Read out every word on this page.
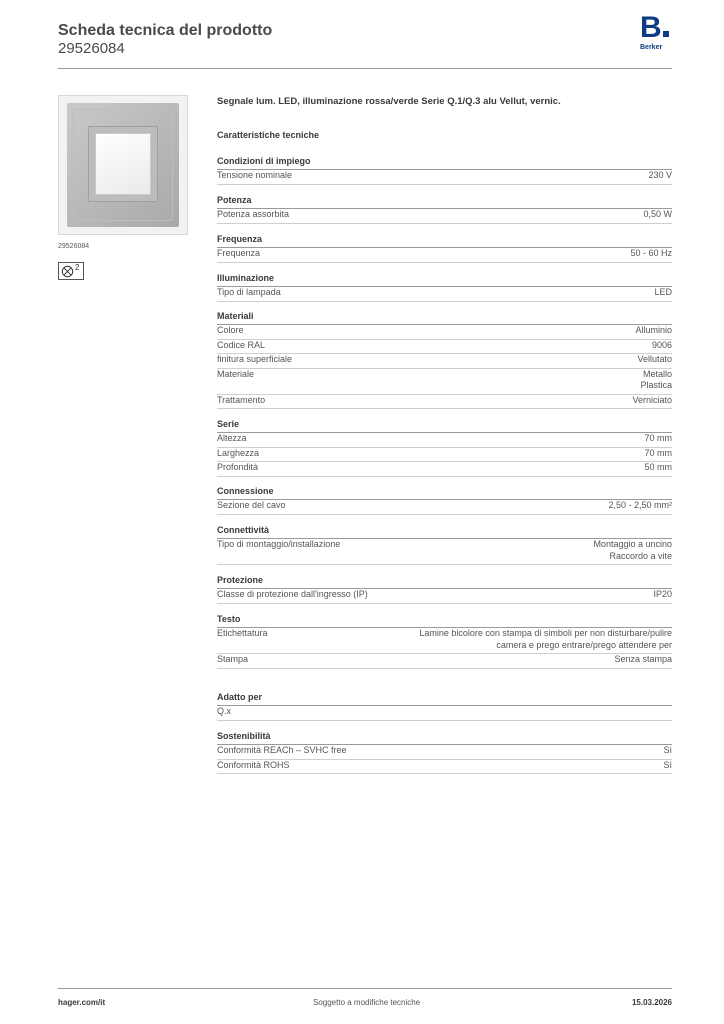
Scheda tecnica del prodotto
29526084
B
Berker
29526084
2
Segnale lum. LED, illuminazione rossa/verde Serie Q.1/Q.3 alu Vellut, vernic.
Caratteristiche tecniche
Condizioni di impiego
Tensione nominale	230 V
Potenza
Potenza assorbita	0,50 W
Frequenza
Frequenza	50 - 60 Hz
Illuminazione
Tipo di lampada	LED
Materiali
Colore	Alluminio
Codice RAL	9006
finitura superficiale	Vellutato
Materiale	Metallo
Plastica
Trattamento	Verniciato
Serie
Altezza	70 mm
Larghezza	70 mm
Profondità	50 mm
Connessione
Sezione del cavo	2,50 - 2,50 mm²
Connettività
Tipo di montaggio/installazione	Montaggio a uncino
Raccordo a vite
Protezione
Classe di protezione dall'ingresso (IP)	IP20
Testo
Etichettatura	Lamine bicolore con stampa di simboli per non disturbare/pulire
camera e prego entrare/prego attendere per
Stampa	Senza stampa
Adatto per
Q.x
Sostenibilità
Conformità REACh – SVHC free	Sì
Conformità ROHS	Sì
hager.com/it	Soggetto a modifiche tecniche	15.03.2026
